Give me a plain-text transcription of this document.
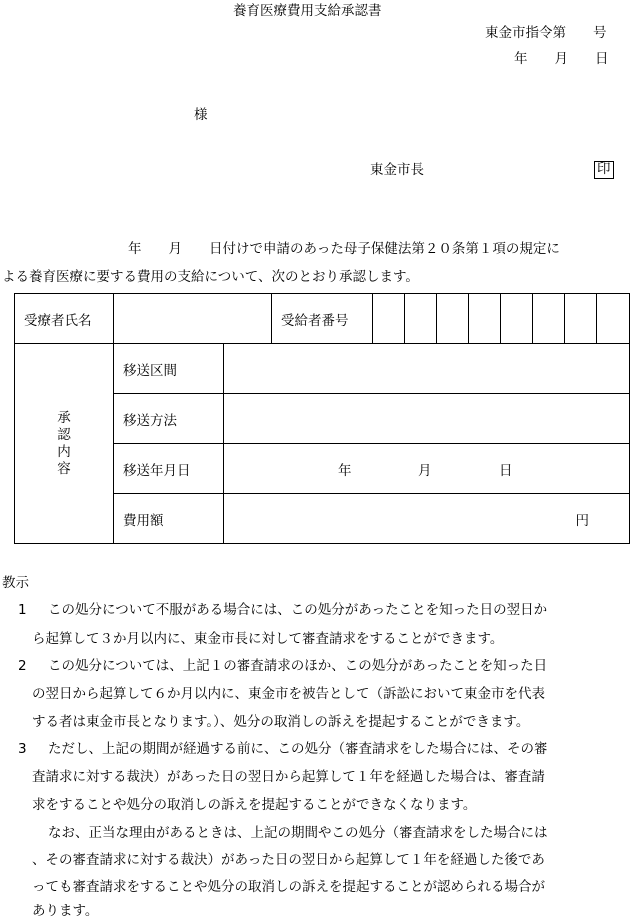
養育医療費用支給承認書
東金市指令第　　号
年　　月　　日
様
東金市長	印
年　　月　　日付けで申請のあった母子保健法第２０条第１項の規定に
よる養育医療に要する費用の支給について、次のとおり承認します。
受療者氏名			受給者番号								
承認内容	移送区間										
	移送方法										
	移送年月日	年 月 日									

	費用額	円									
教示
1 この処分について不服がある場合には、この処分があったことを知った日の翌日か
ら起算して３か月以内に、東金市長に対して審査請求をすることができます。
2 この処分については、上記１の審査請求のほか、この処分があったことを知った日
の翌日から起算して６か月以内に、東金市を被告として（訴訟において東金市を代表
する者は東金市長となります。）、処分の取消しの訴えを提起することができます。
3 ただし、上記の期間が経過する前に、この処分（審査請求をした場合には、その審
査請求に対する裁決）があった日の翌日から起算して１年を経過した場合は、審査請
求をすることや処分の取消しの訴えを提起することができなくなります。
なお、正当な理由があるときは、上記の期間やこの処分（審査請求をした場合には
、その審査請求に対する裁決）があった日の翌日から起算して１年を経過した後であ
っても審査請求をすることや処分の取消しの訴えを提起することが認められる場合が
あります。
